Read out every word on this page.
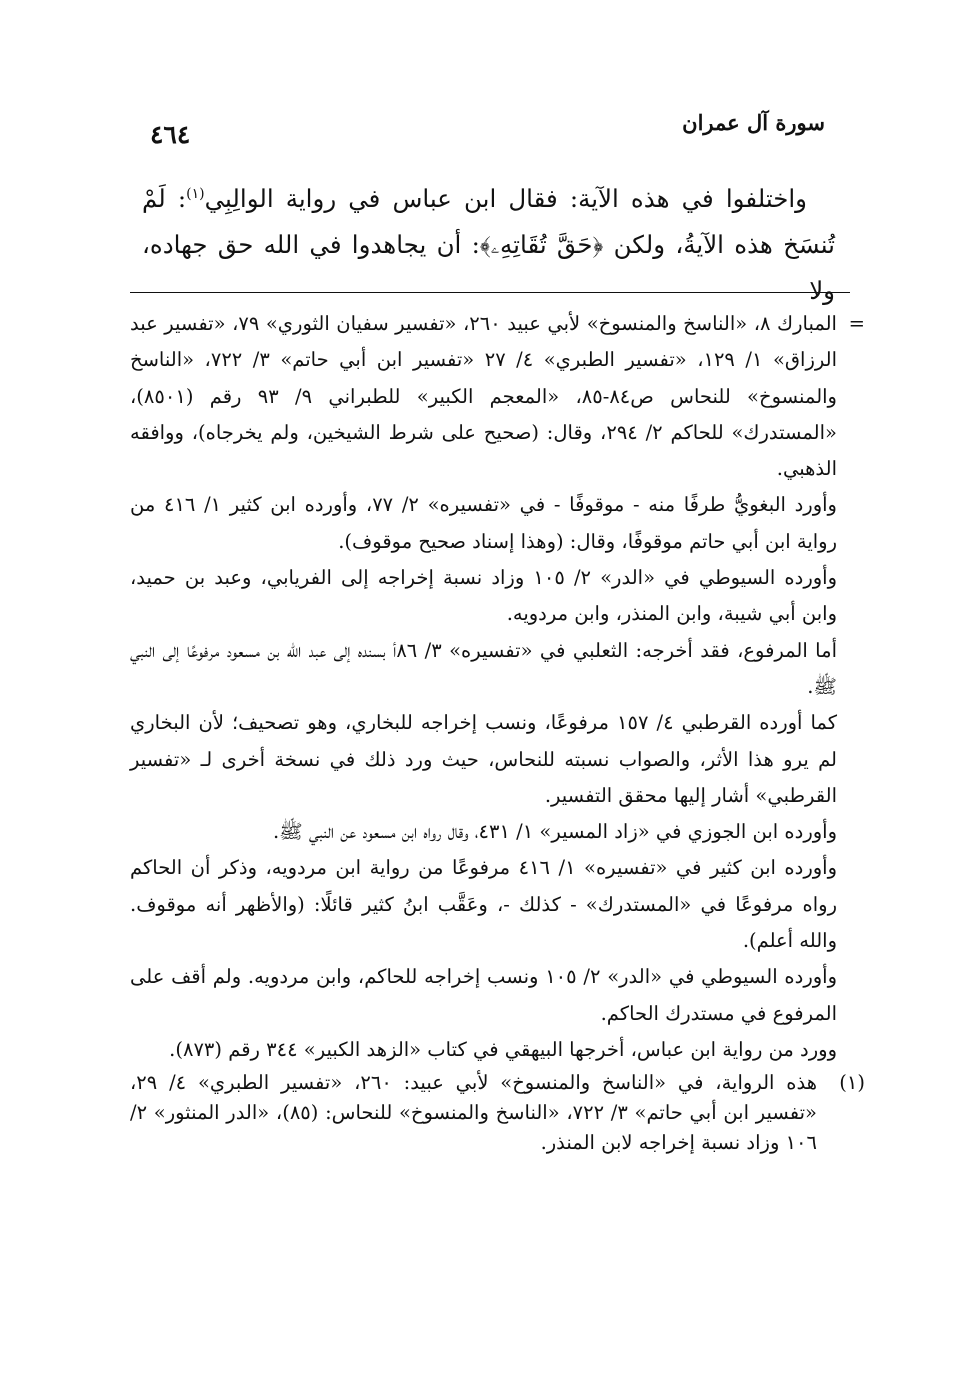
٤٦٤	سورة آل عمران

واختلفوا في هذه الآية: فقال ابن عباس في رواية الوالِبِي$^{(١)}$: لَمْ تُنسَخ هذه الآيةُ، ولكن ﴿حَقَّ تُقَاتِهِۦ﴾: أن يجاهدوا في الله حق جهاده، ولا

=

المبارك ٨، «الناسخ والمنسوخ» لأبي عبيد ٢٦٠، «تفسير سفيان الثوري» ٧٩، «تفسير عبد الرزاق» ١/ ١٢٩، «تفسير الطبري» ٤/ ٢٧ «تفسير ابن أبي حاتم» ٣/ ٧٢٢، «الناسخ والمنسوخ» للنحاس ص٨٤-٨٥، «المعجم الكبير» للطبراني ٩/ ٩٣ رقم (٨٥٠١)، «المستدرك» للحاكم ٢/ ٢٩٤، وقال: (صحيح على شرط الشيخين، ولم يخرجاه)، ووافقه الذهبي.

وأورد البغويُّ طرفًا منه - موقوفًا - في «تفسيره» ٢/ ٧٧، وأورده ابن كثير ١/ ٤١٦ من رواية ابن أبي حاتم موقوفًا، وقال: (وهذا إسناد صحيح موقوف).

وأورده السيوطي في «الدر» ٢/ ١٠٥ وزاد نسبة إخراجه إلى الفريابي، وعبد بن حميد، وابن أبي شيبة، وابن المنذر، وابن مردويه.

أما المرفوع، فقد أخرجه: الثعلبي في «تفسيره» ٣/ ٨٦أ بسنده إلى عبد الله بن مسعود مرفوعًا إلى النبي ﷺ.

كما أورده القرطبي ٤/ ١٥٧ مرفوعًا، ونسب إخراجه للبخاري، وهو تصحيف؛ لأن البخاري لم يرو هذا الأثر، والصواب نسبته للنحاس، حيث ورد ذلك في نسخة أخرى لـ «تفسير القرطبي» أشار إليها محقق التفسير.

وأورده ابن الجوزي في «زاد المسير» ١/ ٤٣١، وقال رواه ابن مسعود عن النبي ﷺ.

وأورده ابن كثير في «تفسيره» ١/ ٤١٦ مرفوعًا من رواية ابن مردويه، وذكر أن الحاكم رواه مرفوعًا في «المستدرك» - كذلك -، وعَقَّب ابنُ كثير قائلًا: (والأظهر أنه موقوف. والله أعلم).

وأورده السيوطي في «الدر» ٢/ ١٠٥ ونسب إخراجه للحاكم، وابن مردويه. ولم أقف على المرفوع في مستدرك الحاكم.

وورد من رواية ابن عباس، أخرجها البيهقي في كتاب «الزهد الكبير» ٣٤٤ رقم (٨٧٣).

(١)

هذه الرواية، في «الناسخ والمنسوخ» لأبي عبيد: ٢٦٠، «تفسير الطبري» ٤/ ٢٩، «تفسير ابن أبي حاتم» ٣/ ٧٢٢، «الناسخ والمنسوخ» للنحاس: (٨٥)، «الدر المنثور» ٢/ ١٠٦ وزاد نسبة إخراجه لابن المنذر.
